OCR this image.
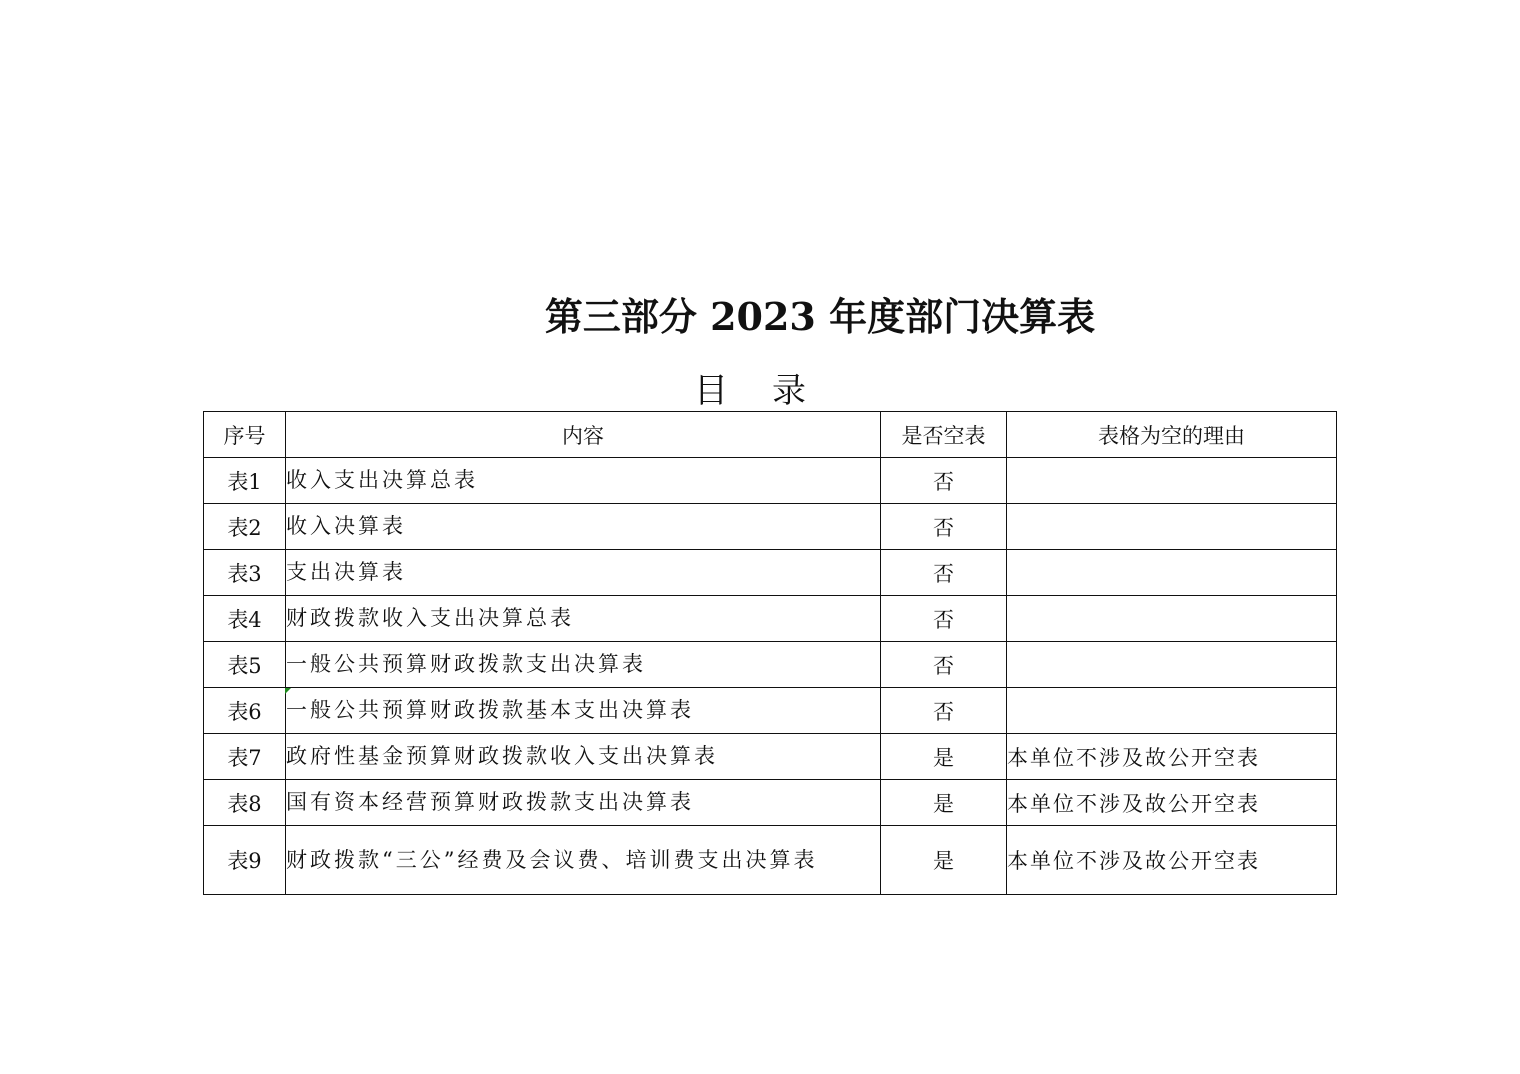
第三部分 2023 年度部门决算表
目录
序号	内容	是否空表	表格为空的理由
表1	收入支出决算总表	否	
表2	收入决算表	否	
表3	支出决算表	否	
表4	财政拨款收入支出决算总表	否	
表5	一般公共预算财政拨款支出决算表	否	
表6	一般公共预算财政拨款基本支出决算表	否	
表7	政府性基金预算财政拨款收入支出决算表	是	本单位不涉及故公开空表
表8	国有资本经营预算财政拨款支出决算表	是	本单位不涉及故公开空表
表9	财政拨款“三公”经费及会议费、培训费支出决算表	是	本单位不涉及故公开空表
